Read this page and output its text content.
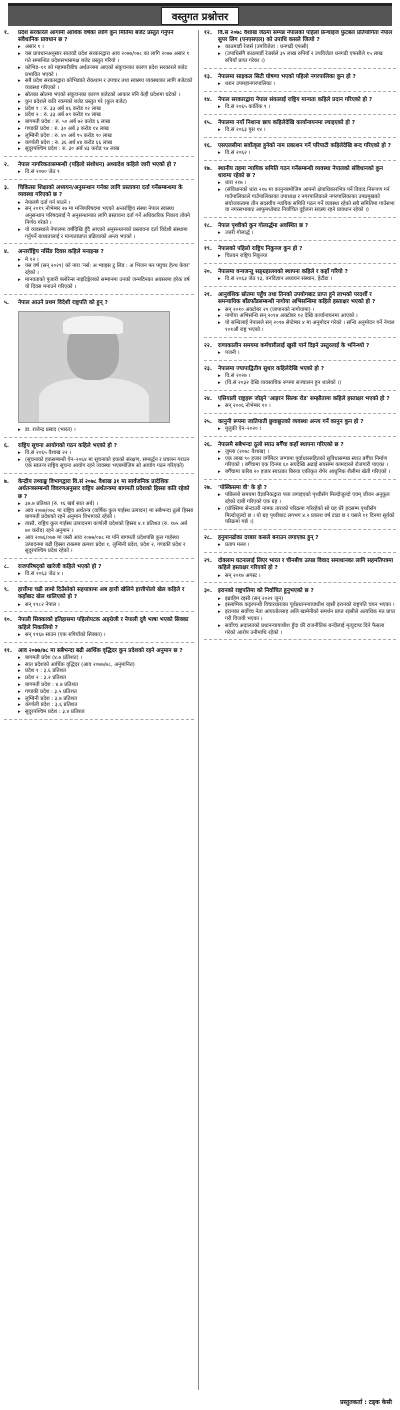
वस्तुगत प्रश्नोत्तर
१.	प्रदेश सरकारले आगामी आर्थिक वर्षका लागि कुन मितिमा बजेट प्रस्तुत गर्नुपर्ने संवैधानिक प्रावधान छ ?
▸ असार १ ।
▸ यस प्रावधानअनुसार सातवटै प्रदेश सरकारद्वारा आव २०७७/०७८ का लागि २०७७ असार १ गते सम्बन्धित प्रदेशसभासमक्ष बजेट प्रस्तुत गरियो ।
▸ कोभिड–१९ को महामारीबीच अर्थतन्त्रमा आएको संकुचनका कारण प्रदेश सरकारले बजेट प्रभावित भएको ।
▸ सबै प्रदेश सरकारद्वारा कोभिडको रोकथाम र उपचार तथा स्वास्थ्य व्यवस्थाका लागि बजेटको व्यवस्था गरिएको ।
▸ स्रोतका स्रोतमा भएको संकुचनका कारण बजेटको आकार पनि केही प्रदेशमा घटेको ।
▸ कुन प्रदेशले कति रकमको बजेट प्रस्तुत गरे (कुल बजेट)
▸ प्रदेश १ : रु. ३३ अर्ब ४६ करोड ९२ लाख
▸ प्रदेश २ : रु. ३३ अर्ब ७९ करोड १४ लाख
▸ बागमती प्रदेश : रु. ५० अर्ब ७२ करोड ६ लाख
▸ गण्डकी प्रदेश : रु. ३० अर्ब ३ करोड १४ लाख
▸ लुम्बिनी प्रदेश : रु. ४० अर्ब ९५ करोड ९० लाख
▸ कर्णाली प्रदेश : रु. ३६ अर्ब ४४ करोड ६६ लाख
▸ सुदूरपश्चिम प्रदेश : रु. ३० अर्ब ४३ करोड ९४ लाख
२.	नेपाल नागरिकतासम्बन्धी (पहिलो संशोधन) अध्यादेश कहिले जारी भएको हो ?
▸ वि.सं २०७० जेठ ९
३.	चिकित्सा शिक्षाको अध्ययन/अनुसन्धान गर्नका लागि प्रस्तावना दर्ता गर्नेसम्बन्धमा के व्यवस्था गरिएको छ ?
▸ नेपालमै दर्ता गर्न पाउने ।
▸ सन् २०१९ नोभेम्बर २७ मा मन्त्रिपरिषदमा भएको अन्तर्राष्ट्रिय संस्था नेपाल स्वास्थ्य अनुसन्धान परिषदलाई नै अनुसन्धानका लागि प्रस्तावना दर्ता गर्ने अधिकारिक निकाय तोक्ने निर्णय गरेको ।
▸ यो व्यवस्थाले नेपालमा वर्षौंदेखि हुँदै आएको अनुसन्धानको प्रस्तावना दर्ता विदेशी संस्थामा गर्नुपर्ने बाध्यतालाई र मान्यताप्राप्त प्रक्रियाको अन्त्य भएको ।
४.	अन्तर्राष्ट्रिय नर्सिङ दिवस कहिले मनाइन्छ ?
▸ मे १२ ।
▸ यस वर्ष (सन् २०२१) को नारा 'नर्स: अ भ्वाइस टु लिड : अ भिजन फर फ्युचर हेल्थ केयर' रहेको ।
▸ मानवताको पुजारी फ्लोरेन्स नाइटिङ्गेलको सम्मानमा उनको जन्मदिनका अवसरमा हरेक वर्ष यो दिवस मनाउने गरिएको ।
५.	नेपाल आउने प्रथम विदेशी राष्ट्रपति को हुन् ?
▸ डा. राजेन्द्र प्रसाद (भारत) ।
६.	राष्ट्रिय सूचना आयोगको गठन कहिले भएको हो ?
▸ वि.सं २०६५ वैशाख २२ ।
▸ (सूचनाको हकसम्बन्धी ऐन–२०६४ मा सूचनाको हकको संरक्षण, सम्बर्द्धन र प्रचलन गराउन एक स्वतन्त्र राष्ट्रिय सूचना आयोग रहने व्यवस्था भएबमोजिम सो आयोग गठन गरिएको)
७.	केन्द्रीय तथ्याङ्क विभागद्वारा वि.सं २०७८ वैशाख ३१ मा सार्वजनिक प्रादेशिक अर्थतन्त्रसम्बन्धी विवरणअनुसार राष्ट्रिय अर्थतन्त्रमा बागमती प्रदेशको हिस्सा कति रहेको छ ?
▸ ३७.७ प्रतिशत (रु. १६ खर्ब सात अर्ब) ।
▸ आव २०७७/०७८ मा राष्ट्रिय अर्थतन्त्र (वार्षिक कुल गार्हस्थ उत्पादन) मा सबैभन्दा ठूलो हिस्सा बागमती प्रदेशको रहने अनुमान विभागको रहेको ।
▸ त्यस्तै, राष्ट्रिय कुल गार्हस्थ उत्पादनमा कर्णाली प्रदेशको हिस्सा ४.१ प्रतिशत (रु. १७५ अर्ब ७० करोड) रहने अनुमान ।
▸ आव २०७६/०७७ मा जस्तै आव २०७७/०७८ मा पनि बागमती प्रदेशपछि कुल गार्हस्थ्य उत्पादनमा बढी हिस्सा राख्नमा क्रमशः प्रदेश १, लुम्बिनी प्रदेश, प्रदेश २, गण्डकी प्रदेश र सुदूरपश्चिम प्रदेश रहेको ।
८.	राजपरिषद्को खारेजी कहिले भएको हो ?
▸ वि.सं २०६३ जेठ ४ ।
९.	हात्तीमा चढी लामो दिउँसोको सहयात्रामा अब हात्ती खेलिने हात्तीपोलो खेल कहिले र कहाँबाट खेल थालिएको हो ?
▸ सन् १९८२ नेपाल ।
१०.	नेपाली सिक्काको इतिहासमा पहिलोपटक अङ्ग्रेजी र नेपाली दुवै भाषा भएको सिक्का कहिले निकालियो ?
▸ सन् १९६७ साउन (एक रुपियाँको सिक्का) ।
११.	आव २०७७/७८ मा सबैभन्दा बढी आर्थिक वृद्धिदर कुन प्रदेशको रहने अनुमान छ ?
▸ बागमती प्रदेश (४.७ प्रतिशत) ।
▸ सात प्रदेशको आर्थिक वृद्धिदर (आव २०७७/७८, अनुमानित)
▸ प्रदेश १ : ३.६ प्रतिशत
▸ प्रदेश २ : ३.२ प्रतिशत
▸ बागमती प्रदेश : ४.७ प्रतिशत
▸ गण्डकी प्रदेश : ३.५ प्रतिशत
▸ लुम्बिनी प्रदेश : ३.७ प्रतिशत
▸ कर्णाली प्रदेश : ३.६ प्रतिशत
▸ सुदूरपश्चिम प्रदेश : ३.४ प्रतिशत
१२.	वि.सं २०७८ वैशाख जेठमा सम्पन्न नेपालको पहिलो फ्रेन्चाइज फुटबल प्रतियोगिता नेपाल सुपर लिग (एनएसएल) को उपाधि कसले जित्यो ?
▸ काठमाडौं रेजर्स (उपविजेता : धनगढी एफसी)
▸ (उपाधिसँगै काठमाडौं रेजर्सले ३५ लाख रुपियाँ र उपविजेता धनगढी एफसीले १५ लाख रुपियाँ प्राप्त गरेका ।)
१३.	नेपालमा साइकल सिटी घोषणा भएको पहिलो नगरपालिका कुन हो ?
▸ धरान उपमहानगरपालिका ।
१४.	नेपाल सरकारद्वारा नेपाल संवत्लाई राष्ट्रिय मान्यता कहिले प्रदान गरिएको हो ?
▸ वि.सं २०६५ कार्तिक ९ ।
१५.	नेपालमा नयाँ निशाना छाप कहिलेदेखि कार्यान्वयनमा ल्याइएको हो ?
▸ वि.सं २०६३ पुस १४ ।
१६.	एसएलसीमा सर्वोत्कृष्ट हुनेको नाम प्रकाशन गर्ने परिपाटी कहिलेदेखि बन्द गरिएको हो ?
▸ वि.सं २०६२ ।
१७.	स्थानीय तहमा न्यायिक समिति गठन गर्नेसम्बन्धी व्यवस्था नेपालको संविधानको कुन धारामा रहेको छ ?
▸ धारा २१७ ।
▸ (संविधानको धारा २१७ मा कानुनबमोजिम आफ्नो क्षेत्राधिकारभित्र पर्ने विवाद निरूपण गर्न गाउँपालिकाले गाउँपालिकाका उपाध्यक्ष र नगरपालिकाले नगरपालिकाका उपप्रमुखको संयोजकत्वमा तीन सदस्यीय न्यायिक समिति गठन गर्ने व्यवस्था रहेको सबै समितिमा गाउँसभा वा नगरसभाबाट आफूमध्येबाट निर्वाचित दुईजना सदस्य रहने प्रावधान रहेको ।)
१८.	नेपाल पृथ्वीको कुन गोलार्द्धमा अवस्थित छ ?
▸ उत्तरी गोलार्द्ध ।
१९.	नेपालको पहिलो राष्ट्रिय निकुञ्ज कुन हो ?
▸ चितवन राष्ट्रिय निकुञ्ज
२०.	नेपालमा वन्यजन्तु सङ्ग्रहालयको स्थापना कहिले र कहाँ गरियो ?
▸ वि.सं २०६३ जेठ १३, वनविज्ञान अध्ययन संस्थान, हेटौंडा ।
२१.	आनुवंशिक स्रोतमा पहुँच तथा तिनको उपयोगबाट प्राप्त हुने लाभको परदर्शी र समन्यायिक बाँडफाँडसम्बन्धी नागोया अभिसन्धिमा कहिले हस्ताक्षर भएको हो ?
▸ सन् २०१० अक्टोबर २९ (जापानको नागोयामा) ।
▸ नागोया अभिसन्धि सन् २०१४ अक्टोबर १२ देखि कार्यान्वयनमा आएको ।
▸ यो सन्धिलाई नेपालले सन् २०१७ सेप्टेम्बर ४ मा अनुमोदन गरेको । सन्धि अनुमोदन गर्ने नेपाल १०१औं राष्ट्र भएको ।
२२.	राणाकालीन समयमा कर्मचारीलाई खुसी पार्न दिइने उस्तुरलाई के भनिन्थ्यो ?
▸ पजनी ।
२३.	नेपालमा ज्यापाद्वितीय सुधार कहिलेदेखि भएको हो ?
▸ वि.सं २०२७ ।
▸ (वि.सं २०३२ देखि व्यवसायिक रूपमा सञ्चालन हुन थालेको ।)
२४.	एसियाली राष्ट्रहरू जोड्ने 'आइरन सिल्क रोड' सम्झौतामा कहिले हस्ताक्षर भएको हो ?
▸ सन् २००६ नोभेम्बर १० ।
२५.	कानुनी रूपमा जातिपाती छुवाछूतको व्यवस्था अन्त्य गर्ने कानुन कुन हो ?
▸ मुलुकी ऐन–२०२० ।
२६.	नेपालमै सबैभन्दा ठूलो स्याउ बगैँचा कहाँ स्थापना गरिएको छ ?
▸ जुम्ला (२०७८ वैशाख) ।
▸ एक लाख ९० हजार वर्गमिटर जग्गामा पूर्वाधारसहितको सुविधासम्पन्न स्याउ बगैँचा निर्माण गरिएको । बगैँचामा एक दिनमा ६० सयदेखि अढाई सयसम्म कामदारले रोजगारी पाएका ।
▸ बगैँचामा करिब २० हजार स्याउका बिरुवा एकीकृत रोपेर आधुनिक शैलीमा खेती गरिएको ।
२७.	'पोस्किसमा वी' के हो ?
▸ पछिल्लो समयमा वैज्ञानिकद्वारा पत्ता लगाइएको पृथ्वीसँग मिल्दोजुल्दो एवम् जीवन अनुकूल रहेको दाबी गरिएको एक ग्रह ।
▸ (प्रोक्सिमा सेन्टाउरी नामक ताराको परिक्रमा गरिरहेको सो ग्रह धेरै हदसम्म पृथ्वीसँग मिल्दोजुल्दो छ । यो ग्रह पृथ्वीबाट लगभग ४.२ प्रकाश वर्ष टाढा छ र यसले ११ दिनमा सूर्यको परिक्रमा गर्छ ।)
२८.	हनुमानढोका दरबार कसले बनाउन लगाएका हुन् ?
▸ प्रताप मल्ल ।
२९.	दोक्लाम घटनालाई लिएर भारत र चीनबीच उत्पन्न विवाद समाधानका लागि सहमतिपत्रमा कहिले हस्ताक्षर गरिएको हो ?
▸ सन् २०१७ अगस्ट ।
३०.	इरानको राष्ट्रपतिमा को निर्वाचित हुनुभएको छ ?
▸ इब्राहिम रइसी (सन् २०२१ जुन)
▸ इस्लामिक कट्टरपन्थी विचारधाराका पूर्वप्रधानन्यायाधीश रइसी इरानको राष्ट्रपति चयन भएका ।
▸ इरानका सर्वोच्च नेता आयातोल्लाह अलि खामेनीको समर्थन प्राप्त रइसीले अत्यधिक मत प्राप्त गरी विजयी भएका ।
▸ सर्वोच्च अदालतको प्रधानन्यायाधीश हुँदा धेरै राजनीतिक बन्दीलाई मृत्युदण्ड दिने फैसला गरेको आरोप उनीमाथि रहेको ।
प्रस्तुतकर्ता : टड्क केसी
